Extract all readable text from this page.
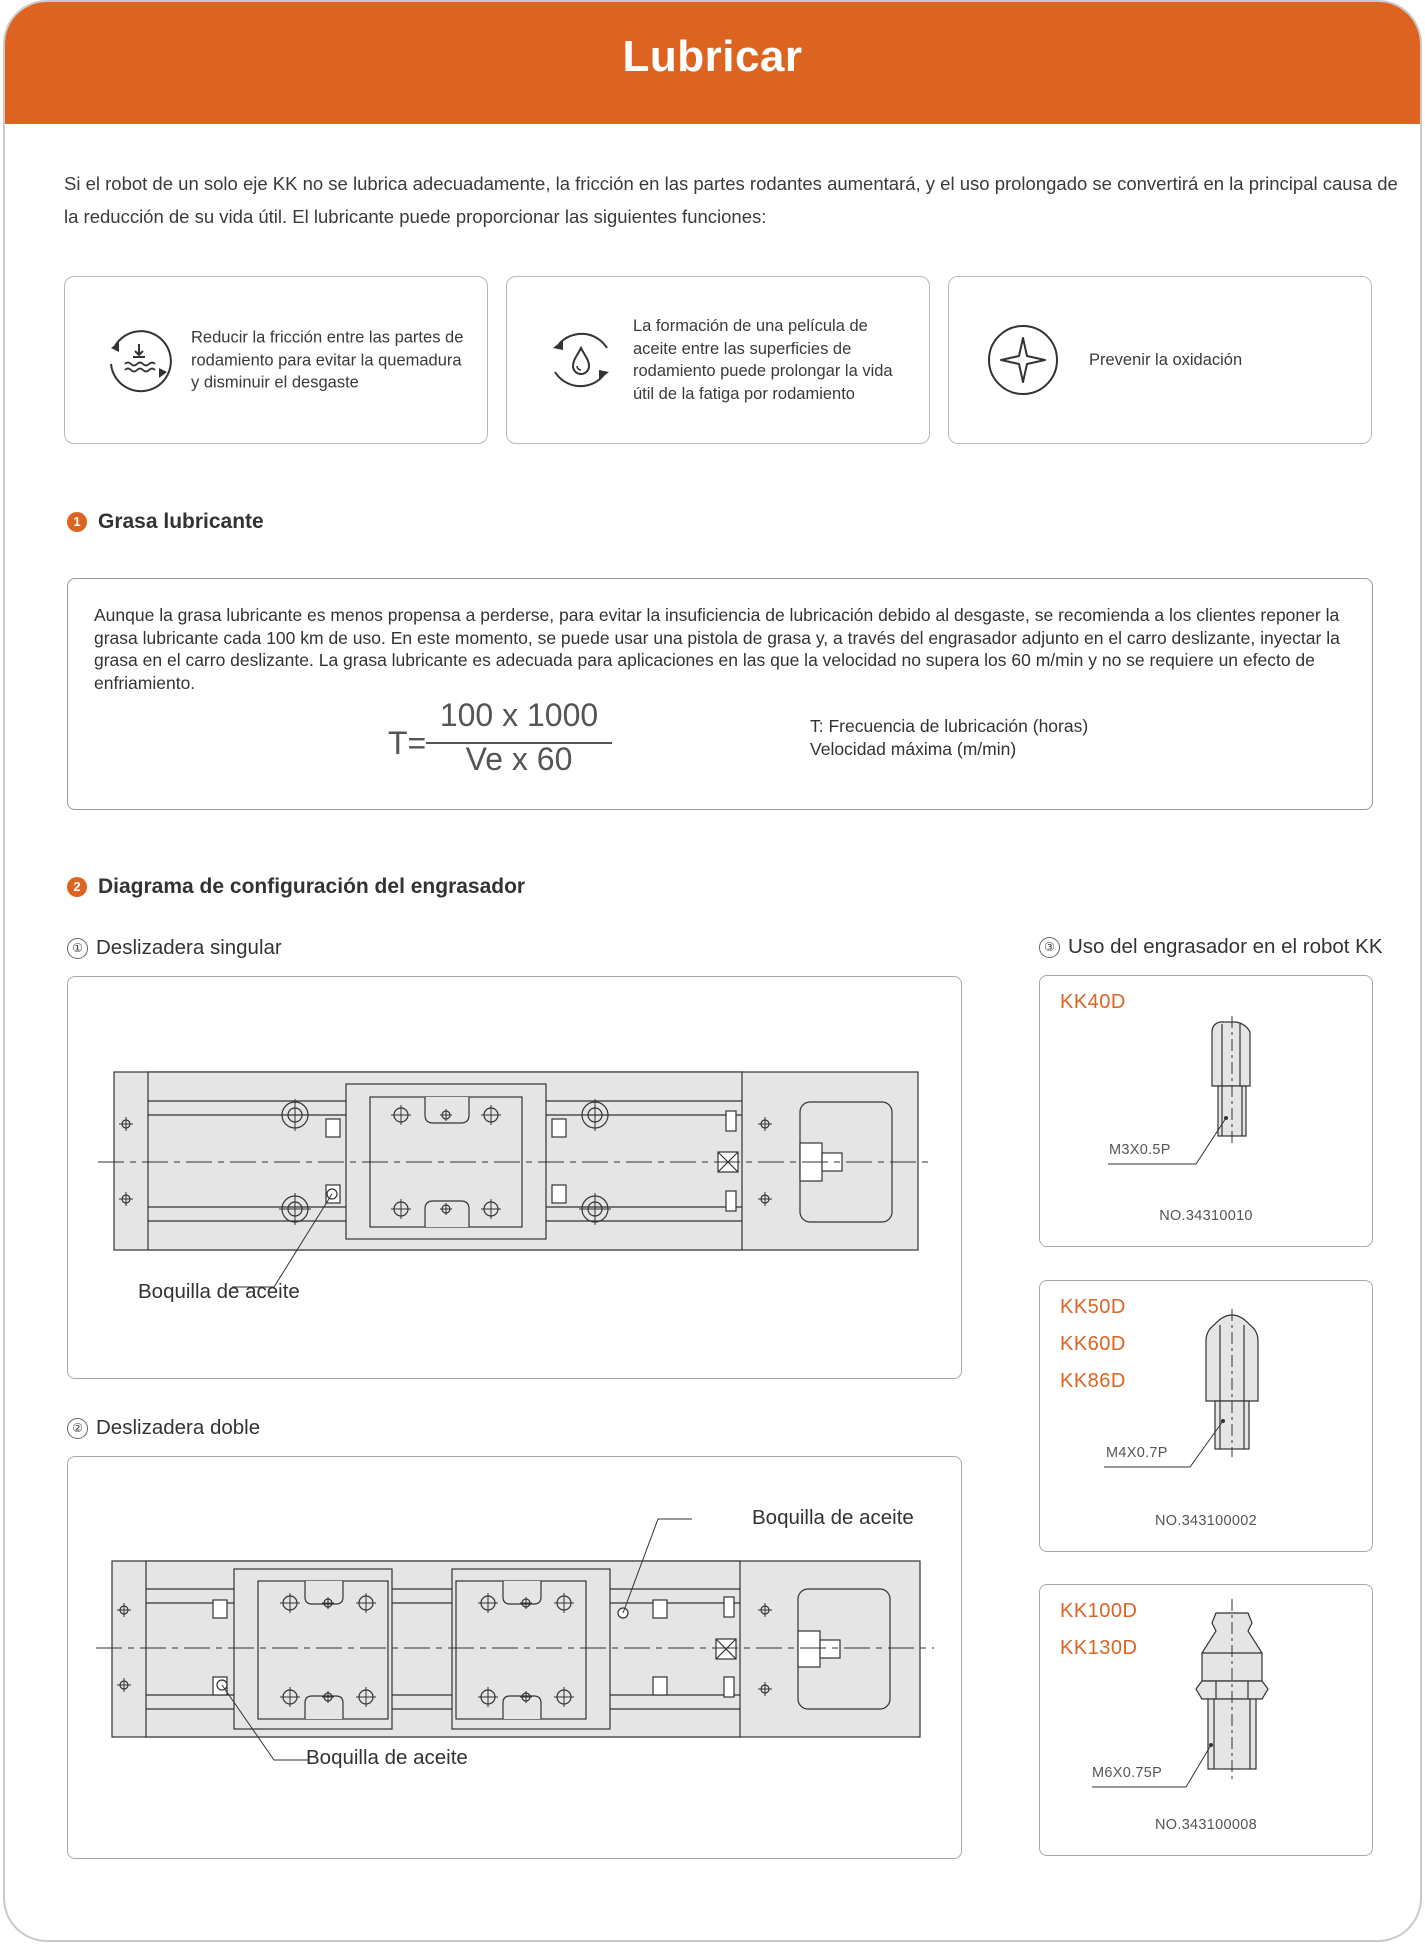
Lubricar
Si el robot de un solo eje KK no se lubrica adecuadamente, la fricción en las partes rodantes aumentará, y el uso prolongado se convertirá en la principal causa de la reducción de su vida útil. El lubricante puede proporcionar las siguientes funciones:
Reducir la fricción entre las partes de rodamiento para evitar la quemadura y disminuir el desgaste
La formación de una película de aceite entre las superficies de rodamiento puede prolongar la vida útil de la fatiga por rodamiento
Prevenir la oxidación
1 Grasa lubricante
Aunque la grasa lubricante es menos propensa a perderse, para evitar la insuficiencia de lubricación debido al desgaste, se recomienda a los clientes reponer la grasa lubricante cada 100 km de uso. En este momento, se puede usar una pistola de grasa y, a través del engrasador adjunto en el carro deslizante, inyectar la grasa en el carro deslizante. La grasa lubricante es adecuada para aplicaciones en las que la velocidad no supera los 60 m/min y no se requiere un efecto de enfriamiento.
T=
100 x 1000
Ve x 60
T: Frecuencia de lubricación (horas)
Velocidad máxima (m/min)
2 Diagrama de configuración del engrasador
① Deslizadera singular	③ Uso del engrasador en el robot KK
Boquilla de aceite
② Deslizadera doble
Boquilla de aceite
Boquilla de aceite
KK40D
M3X0.5P
NO.34310010
KK50D
KK60D
KK86D
M4X0.7P
NO.343100002
KK100D
KK130D
M6X0.75P
NO.343100008
